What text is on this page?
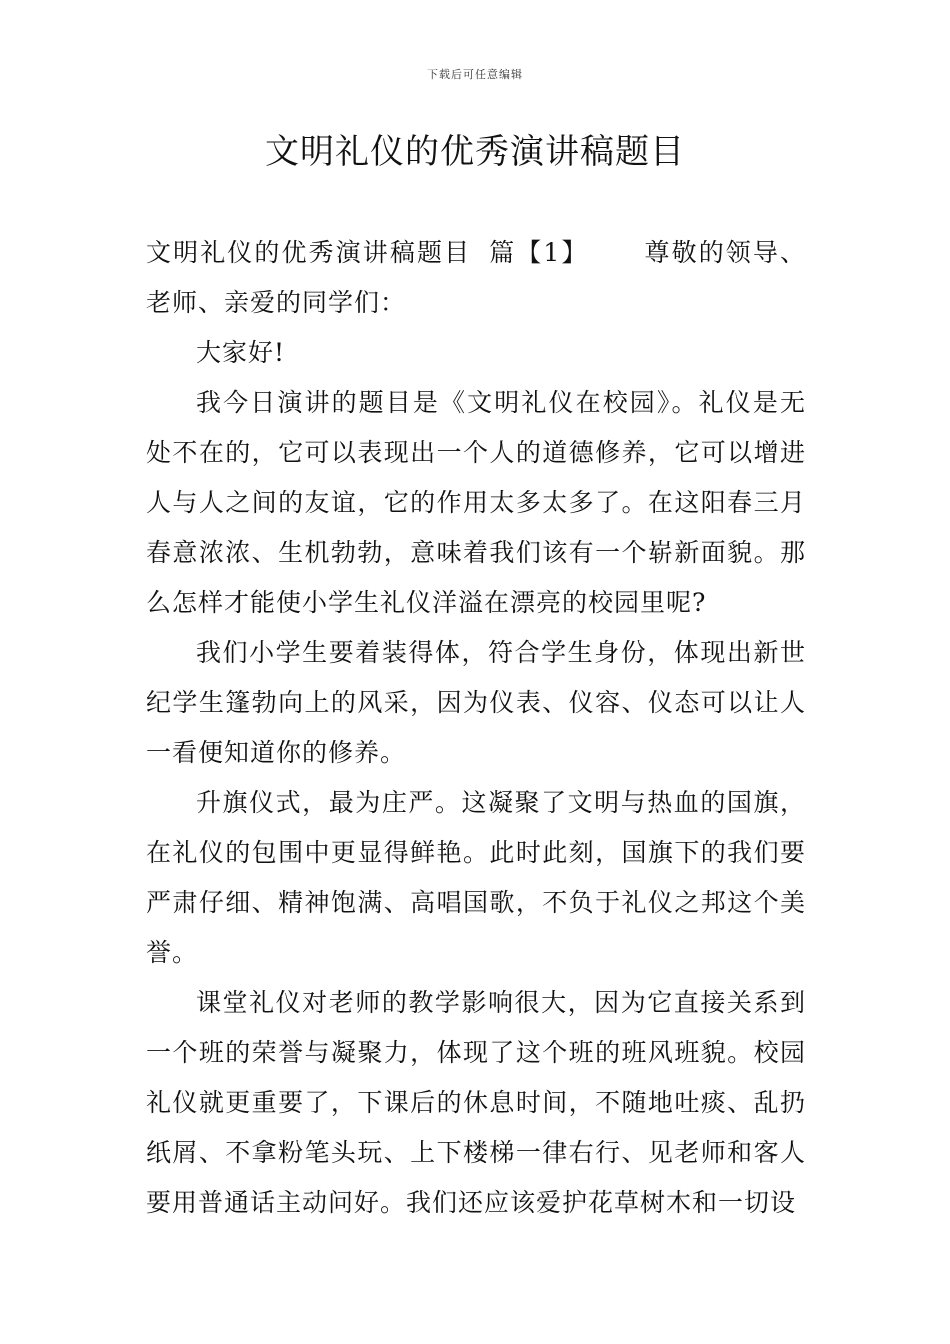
下载后可任意编辑
文明礼仪的优秀演讲稿题目

文明礼仪的优秀演讲稿题目 篇【1】 尊敬的领导、老师、亲爱的同学们：

大家好!

我今日演讲的题目是《文明礼仪在校园》。礼仪是无处不在的，它可以表现出一个人的道德修养，它可以增进人与人之间的友谊，它的作用太多太多了。在这阳春三月春意浓浓、生机勃勃，意味着我们该有一个崭新面貌。那么怎样才能使小学生礼仪洋溢在漂亮的校园里呢?

我们小学生要着装得体，符合学生身份，体现出新世纪学生篷勃向上的风采，因为仪表、仪容、仪态可以让人一看便知道你的修养。

升旗仪式，最为庄严。这凝聚了文明与热血的国旗，在礼仪的包围中更显得鲜艳。此时此刻，国旗下的我们要严肃仔细、精神饱满、高唱国歌，不负于礼仪之邦这个美誉。

课堂礼仪对老师的教学影响很大，因为它直接关系到一个班的荣誉与凝聚力，体现了这个班的班风班貌。校园礼仪就更重要了，下课后的休息时间，不随地吐痰、乱扔纸屑、不拿粉笔头玩、上下楼梯一律右行、见老师和客人要用普通话主动问好。我们还应该爱护花草树木和一切设
